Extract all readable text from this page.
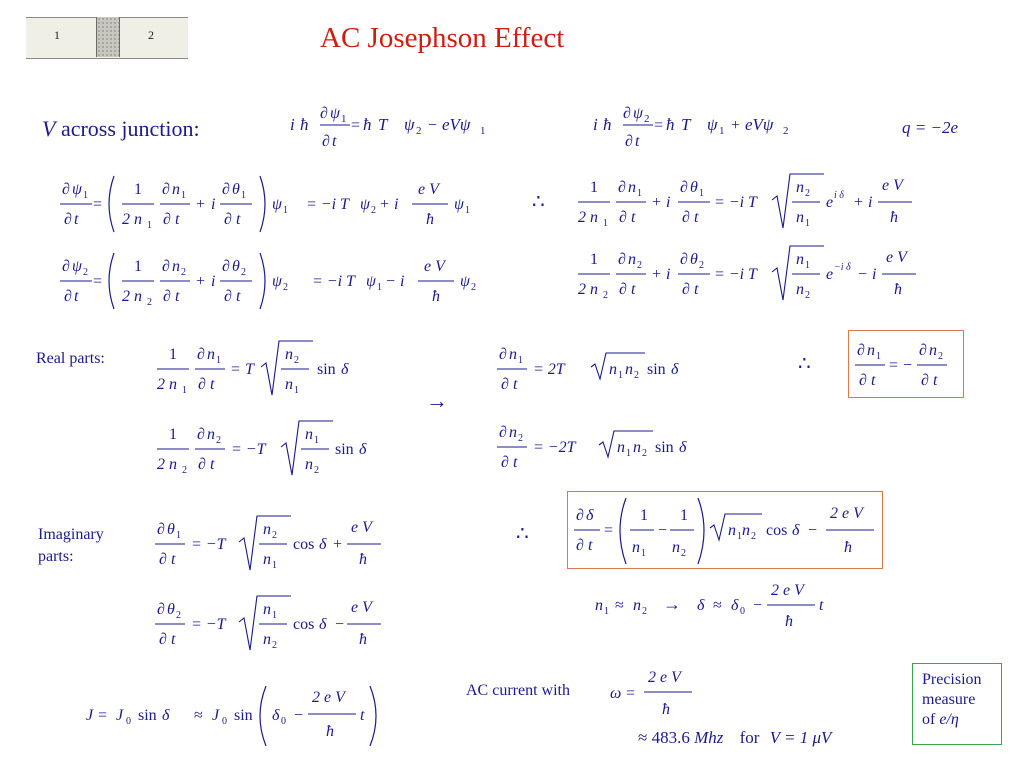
1	2	AC Josephson Effect
V across junction:	i ħ
∂ ψ 1
∂ t
= ħ T ψ 2 − eVψ 1	i ħ
∂ ψ 2
∂ t
= ħ T ψ 1 + eVψ 2	q = −2e
∂ ψ 1
∂ t
=
1
2 n 1
∂ n 1
∂ t
+ i
∂ θ 1
∂ t
ψ 1 = −i T ψ 2 + i
e V
ħ
ψ 1
∂ ψ 2
∂ t
=
1
2 n 2
∂ n 2
∂ t
+ i
∂ θ 2
∂ t
ψ 2 = −i T ψ 1 − i
e V
ħ
ψ 2
∴
1
2 n 1
∂ n 1
∂ t
+ i
∂ θ 1
∂ t
= −i T
n 2
n 1
e i δ + i
e V
ħ
1
2 n 2
∂ n 2
∂ t
+ i
∂ θ 2
∂ t
= −i T
n 1
n 2
e −i δ − i
e V
ħ
Real parts:	1
2 n 1
∂ n 1
∂ t
= T
n 2
n 1
sin δ
1
2 n 2
∂ n 2
∂ t
= −T
n 1
n 2
sin δ
→
∂ n 1
∂ t
= 2T	n 1 n 2 sin δ
∂ n 2
∂ t
= −2T	n 1 n 2 sin δ
∴
∂ n 1
∂ t
= −
∂ n 2
∂ t
Imaginary
parts:
∂ θ 1
∂ t
= −T
n 2
n 1
cos δ +
e V
ħ
∂ θ 2
∂ t
= −T
n 1
n 2
cos δ −
e V
ħ
∴
∂ δ
∂ t
=
1
n 1
−
1
n 2
n 1 n 2 cos δ −
2 e V
ħ
n 1 ≈ n 2 → δ ≈ δ 0 −
2 e V
ħ
t
AC current with	ω =
2 e V
ħ
≈ 483.6 Mhz for V = 1 μV
J = J 0 sin δ ≈ J 0 sin δ 0 −
2 e V
ħ
t
Precision
measure
of e/η
